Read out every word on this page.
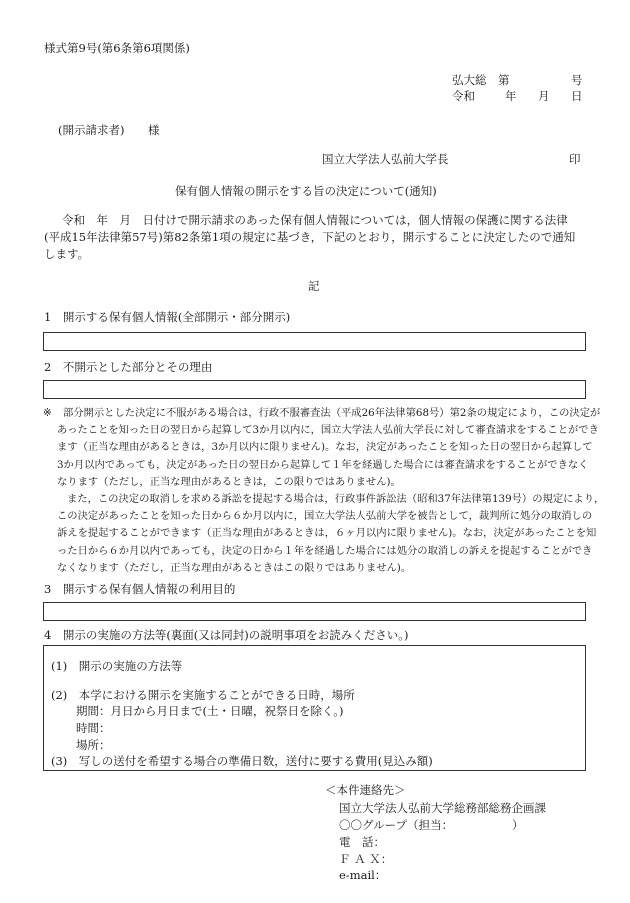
様式第9号(第6条第6項関係)
弘大総 第	号
令和	年 月 日
(開示請求者) 様
国立大学法人弘前大学長	印
保有個人情報の開示をする旨の決定について(通知)
令和　年　月　日付けで開示請求のあった保有個人情報については，個人情報の保護に関する法律
(平成15年法律第57号)第82条第1項の規定に基づき，下記のとおり，開示することに決定したので通知
します。
記
1　開示する保有個人情報(全部開示・部分開示)
2　不開示とした部分とその理由
※ 部分開示とした決定に不服がある場合は，行政不服審査法（平成26年法律第68号）第2条の規定により，この決定が
あったことを知った日の翌日から起算して3か月以内に，国立大学法人弘前大学長に対して審査請求をすることができ
ます（正当な理由があるときは，3か月以内に限りません)。なお，決定があったことを知った日の翌日から起算して
3か月以内であっても，決定があった日の翌日から起算して１年を経過した場合には審査請求をすることができなく
なります（ただし，正当な理由があるときは，この限りではありません)。
また，この決定の取消しを求める訴訟を提起する場合は，行政事件訴訟法（昭和37年法律第139号）の規定により，
この決定があったことを知った日から６か月以内に，国立大学法人弘前大学を被告として，裁判所に処分の取消しの
訴えを提起することができます（正当な理由があるときは，６ヶ月以内に限りません)。なお，決定があったことを知
った日から６か月以内であっても，決定の日から１年を経過した場合には処分の取消しの訴えを提起することができ
なくなります（ただし，正当な理由があるときはこの限りではありません)。
3　開示する保有個人情報の利用目的
4　開示の実施の方法等(裏面(又は同封)の説明事項をお読みください。)
(1)　開示の実施の方法等
(2)　本学における開示を実施することができる日時，場所
期間：月日から月日まで(土・日曜，祝祭日を除く。)
時間：
場所：
(3)　写しの送付を希望する場合の準備日数，送付に要する費用(見込み額)
＜本件連絡先＞
国立大学法人弘前大学総務部総務企画課
〇〇グループ（担当：	）
電　話：
Ｆ Ａ Ｘ：
e-mail：
